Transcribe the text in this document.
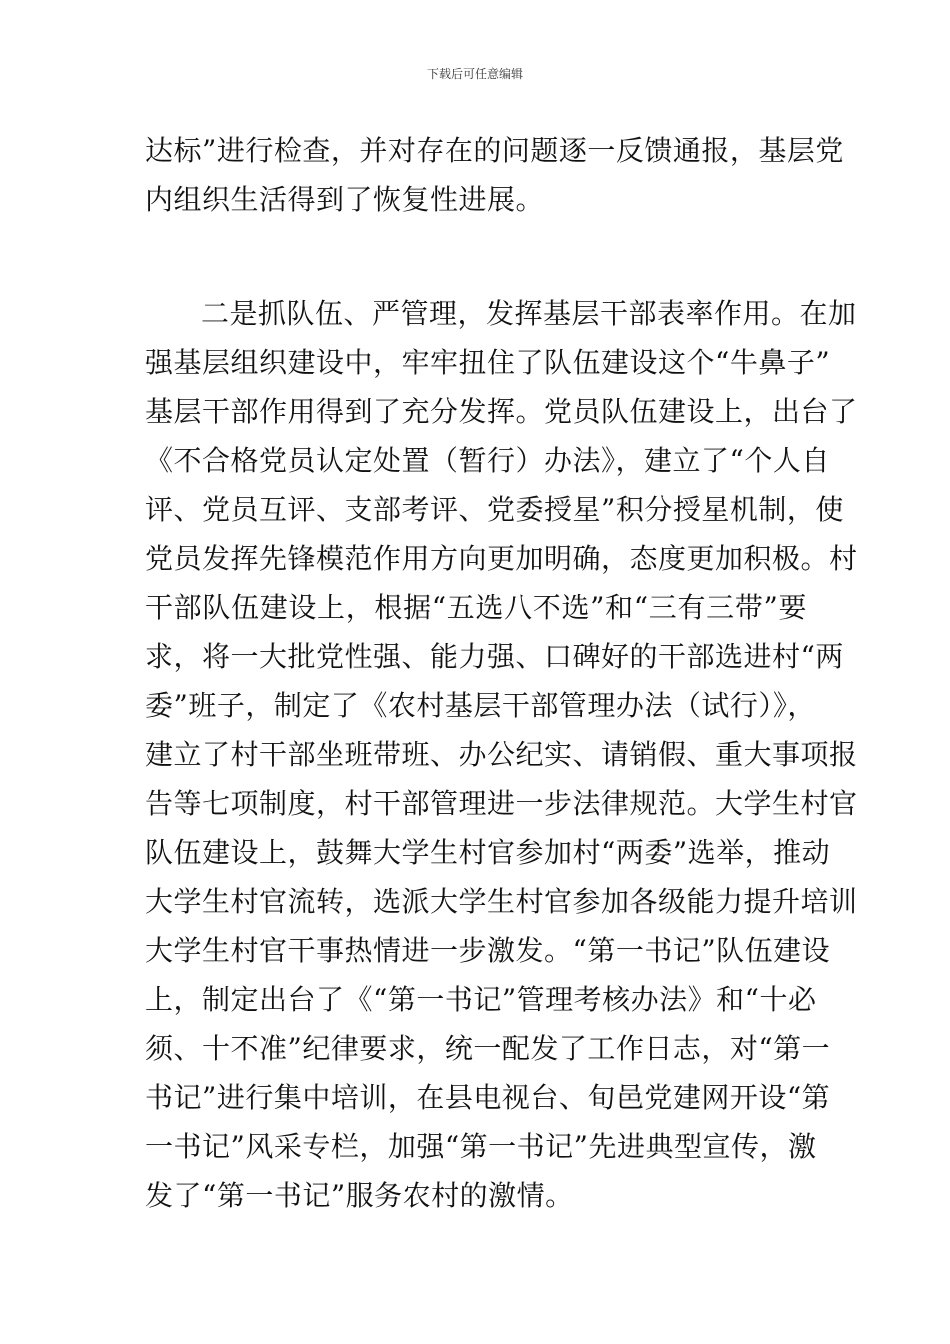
下载后可任意编辑
达标”进行检查，并对存在的问题逐一反馈通报，基层党
内组织生活得到了恢复性进展。
二是抓队伍、严管理，发挥基层干部表率作用。在加
强基层组织建设中，牢牢扭住了队伍建设这个“牛鼻子”
基层干部作用得到了充分发挥。党员队伍建设上，出台了
《不合格党员认定处置（暂行）办法》，建立了“个人自
评、党员互评、支部考评、党委授星”积分授星机制，使
党员发挥先锋模范作用方向更加明确，态度更加积极。村
干部队伍建设上，根据“五选八不选”和“三有三带”要
求，将一大批党性强、能力强、口碑好的干部选进村“两
委”班子，制定了《农村基层干部管理办法（试行）》，
建立了村干部坐班带班、办公纪实、请销假、重大事项报
告等七项制度，村干部管理进一步法律规范。大学生村官
队伍建设上，鼓舞大学生村官参加村“两委”选举，推动
大学生村官流转，选派大学生村官参加各级能力提升培训
大学生村官干事热情进一步激发。“第一书记”队伍建设
上，制定出台了《“第一书记”管理考核办法》和“十必
须、十不准”纪律要求，统一配发了工作日志，对“第一
书记”进行集中培训，在县电视台、旬邑党建网开设“第
一书记”风采专栏，加强“第一书记”先进典型宣传，激
发了“第一书记”服务农村的激情。
